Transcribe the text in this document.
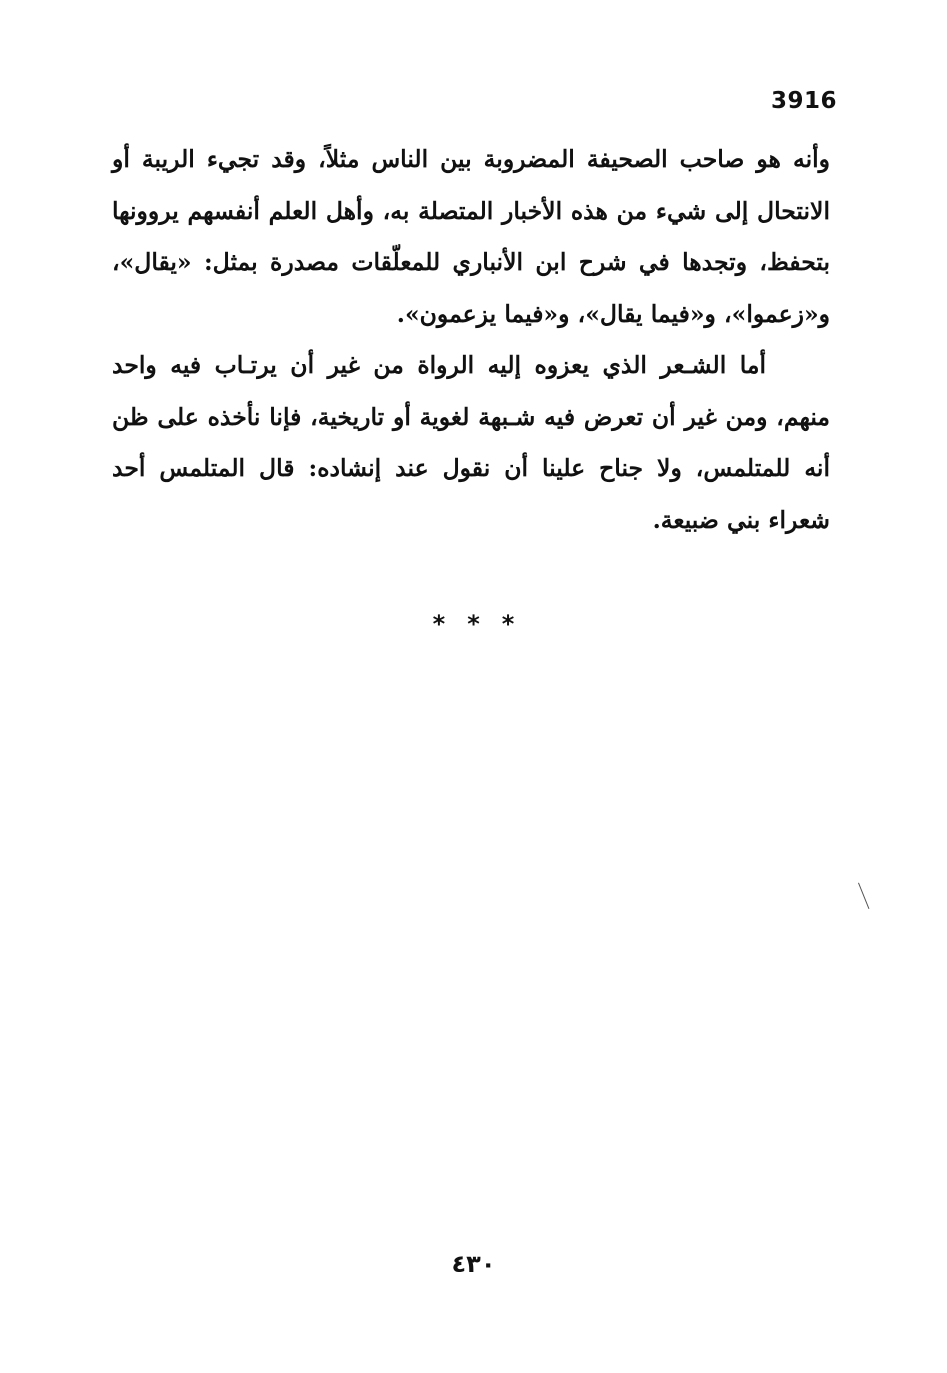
3916

وأنه هو صاحب الصحيفة المضروبة بين الناس مثلاً، وقد تجيء الريبة أو الانتحال إلى شيء من هذه الأخبار المتصلة به، وأهل العلم أنفسهم يروونها بتحفظ، وتجدها في شرح ابن الأنباري للمعلّقات مصدرة بمثل: «يقال»، و«زعموا»، و«فيما يقال»، و«فيما يزعمون».

أما الشـعر الذي يعزوه إليه الرواة من غير أن يرتـاب فيه واحد منهم، ومن غير أن تعرض فيه شـبهة لغوية أو تاريخية، فإنا نأخذه على ظن أنه للمتلمس، ولا جناح علينا أن نقول عند إنشاده: قال المتلمس أحد شعراء بني ضبيعة.

***
٤٣٠
